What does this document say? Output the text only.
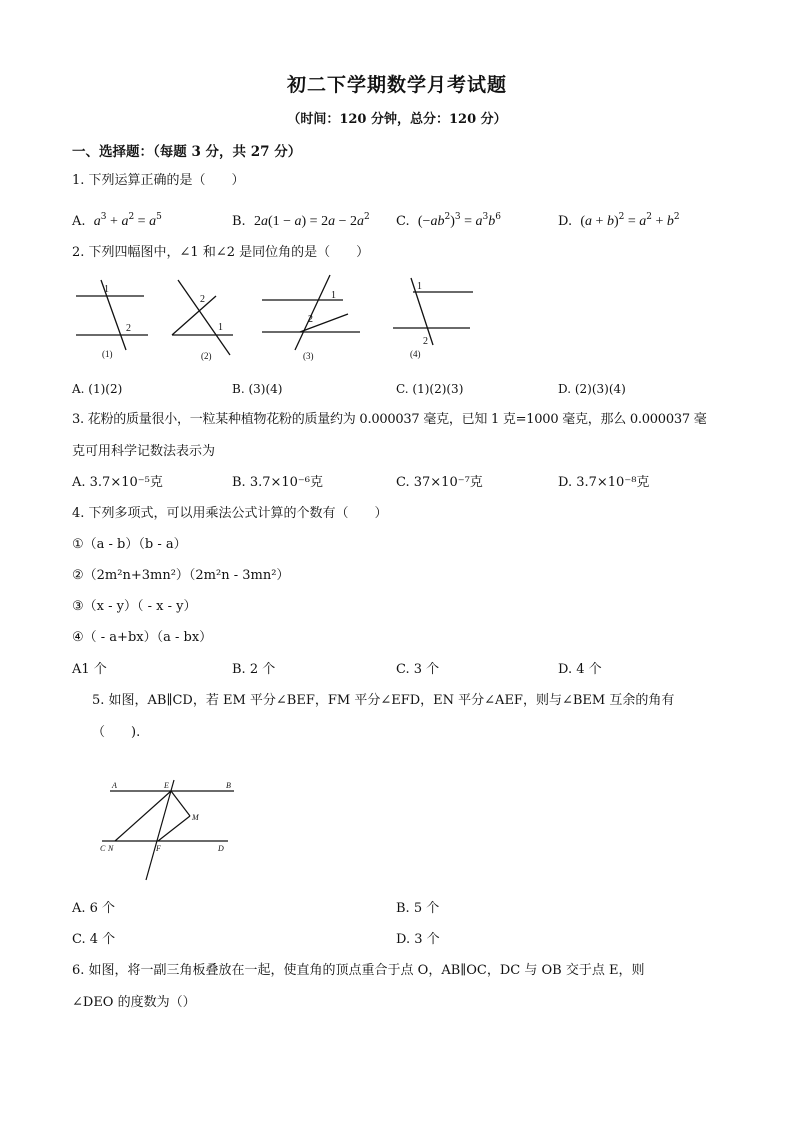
初二下学期数学月考试题
（时间：120 分钟，总分：120 分）
一、选择题：（每题 3 分，共 27 分）
1. 下列运算正确的是（　　）
A. $a^3 + a^2 = a^5$	B. $2a(1 - a) = 2a - 2a^2$ C. $(-ab^2)^3 = a^3b^6$	D. $(a + b)^2 = a^2 + b^2$
2. 下列四幅图中，∠1 和∠2 是同位角的是（　　）
1
2
2
1
1
2
1
2
(1)	(2)	(3)	(4)
A. (1)(2)	B. (3)(4)	C. (1)(2)(3)	D. (2)(3)(4)
3. 花粉的质量很小，一粒某种植物花粉的质量约为 0.000037 毫克，已知 1 克=1000 毫克，那么 0.000037 毫
克可用科学记数法表示为
A. 3.7×10⁻⁵克	B. 3.7×10⁻⁶克	C. 37×10⁻⁷克	D. 3.7×10⁻⁸克
4. 下列多项式，可以用乘法公式计算的个数有（　　）
①（a - b）（b - a）
②（2m²n+3mn²）（2m²n - 3mn²）
③（x - y）（ - x - y）
④（ - a+bx）（a - bx）
A1 个	B. 2 个	C. 3 个	D. 4 个
5. 如图，AB∥CD，若 EM 平分∠BEF，FM 平分∠EFD，EN 平分∠AEF，则与∠BEM 互余的角有
（　　).
A	B
E
M
C N	F	D
A. 6 个	B. 5 个
C. 4 个	D. 3 个
6. 如图，将一副三角板叠放在一起，使直角的顶点重合于点 O，AB∥OC，DC 与 OB 交于点 E，则
∠DEO 的度数为（）
